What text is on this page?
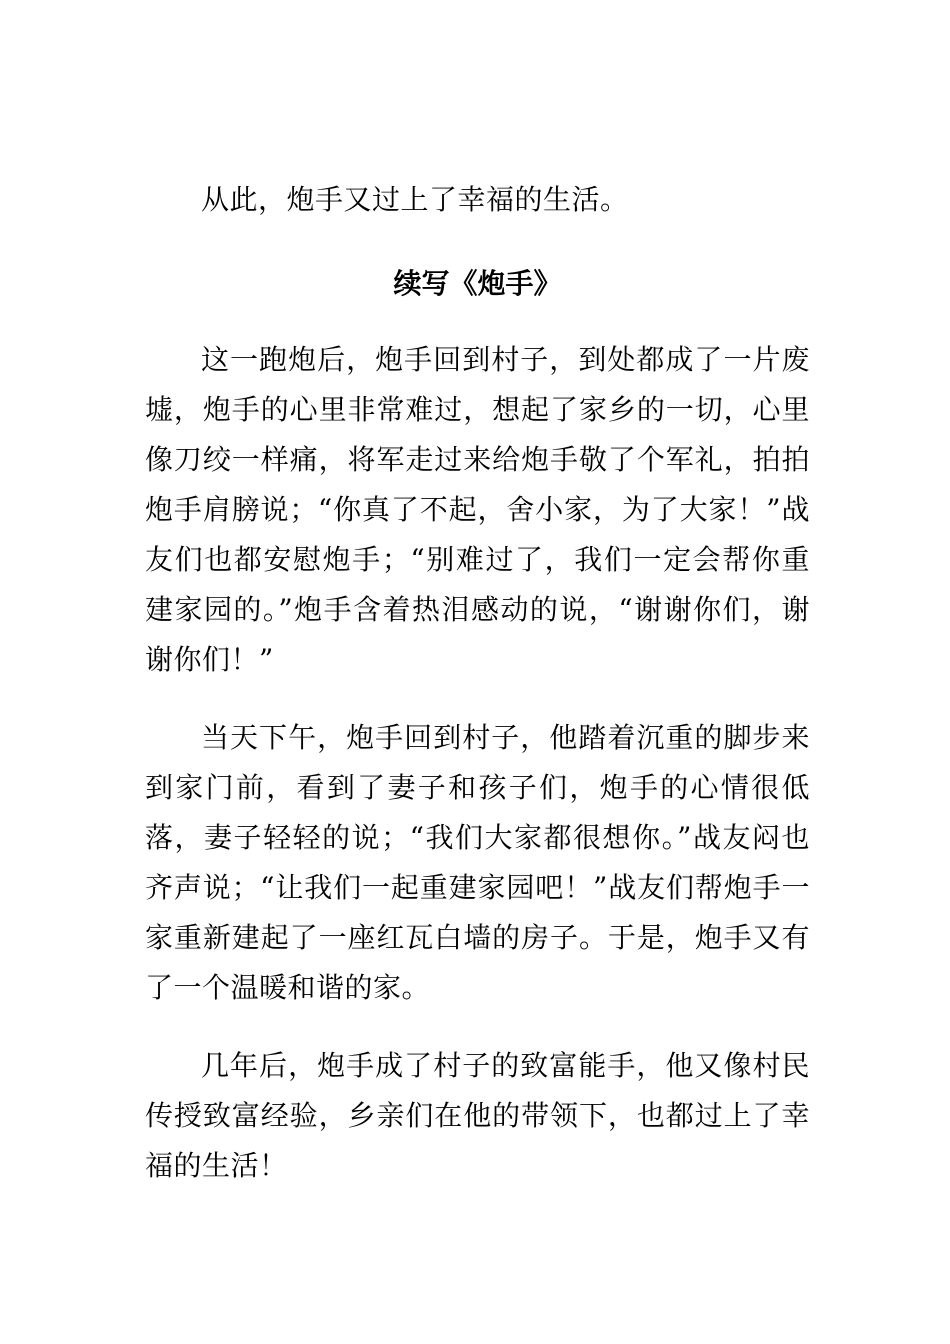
从此，炮手又过上了幸福的生活。

续写《炮手》

这一跑炮后，炮手回到村子，到处都成了一片废墟，炮手的心里非常难过，想起了家乡的一切，心里像刀绞一样痛，将军走过来给炮手敬了个军礼，拍拍炮手肩膀说；“你真了不起，舍小家，为了大家！”战友们也都安慰炮手；“别难过了，我们一定会帮你重建家园的。”炮手含着热泪感动的说，“谢谢你们，谢谢你们！”

当天下午，炮手回到村子，他踏着沉重的脚步来到家门前，看到了妻子和孩子们，炮手的心情很低落，妻子轻轻的说；“我们大家都很想你。”战友闷也齐声说；“让我们一起重建家园吧！”战友们帮炮手一家重新建起了一座红瓦白墙的房子。于是，炮手又有了一个温暖和谐的家。

几年后，炮手成了村子的致富能手，他又像村民传授致富经验，乡亲们在他的带领下，也都过上了幸福的生活！
